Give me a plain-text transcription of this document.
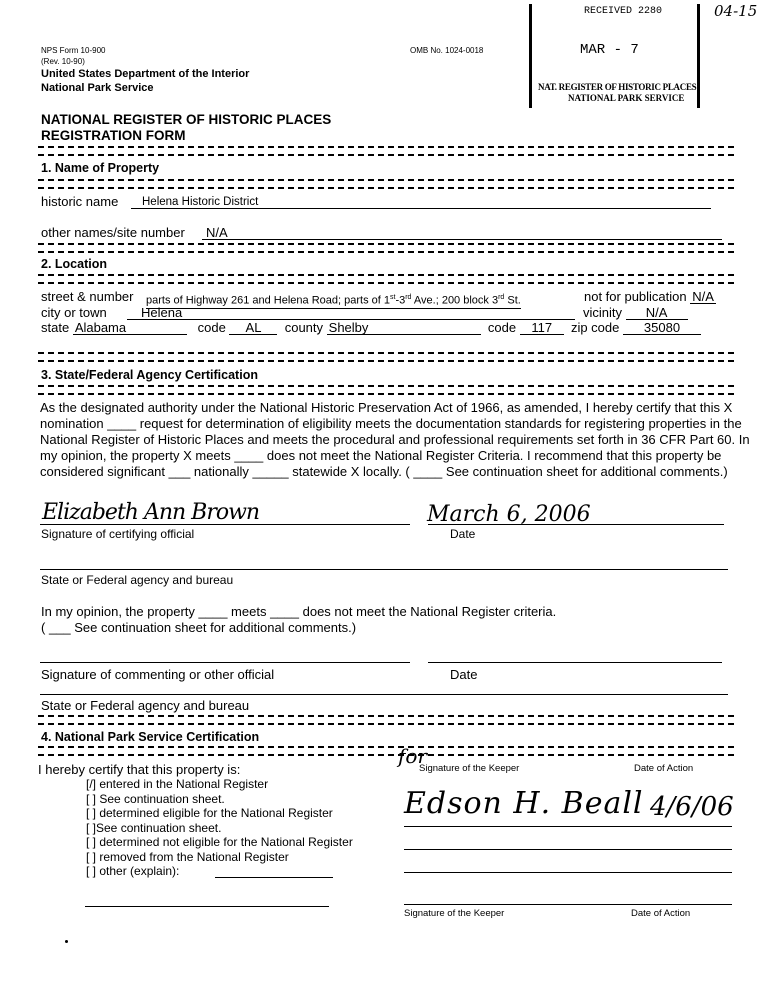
NPS Form 10-900
(Rev. 10-90)
United States Department of the Interior
National Park Service
OMB No. 1024-0018
RECEIVED 2280
MAR - 7
NAT. REGISTER OF HISTORIC PLACES
NATIONAL PARK SERVICE
04-15
NATIONAL REGISTER OF HISTORIC PLACES
REGISTRATION FORM
1. Name of Property
historic name Helena Historic District
other names/site number N/A
2. Location
street & number parts of Highway 261 and Helena Road; parts of 1st-3rd Ave.; 200 block 3rd St.	not for publication N/A
city or town	Helena	vicinity N/A
state Alabama	code AL county Shelby	code 117 zip code 35080
3. State/Federal Agency Certification
As the designated authority under the National Historic Preservation Act of 1966, as amended, I hereby certify that this X nomination ____ request for determination of eligibility meets the documentation standards for registering properties in the National Register of Historic Places and meets the procedural and professional requirements set forth in 36 CFR Part 60. In my opinion, the property X meets ____ does not meet the National Register Criteria. I recommend that this property be considered significant ___ nationally _____ statewide X locally. ( ____ See continuation sheet for additional comments.)
Elizabeth Ann Brown	March 6, 2006
Signature of certifying official	Date
State or Federal agency and bureau
In my opinion, the property ____ meets ____ does not meet the National Register criteria.
( ___ See continuation sheet for additional comments.)
Signature of commenting or other official	Date
State or Federal agency and bureau
4. National Park Service Certification
I hereby certify that this property is:
[/] entered in the National Register
[ ] See continuation sheet.
[ ] determined eligible for the National Register
[ ]See continuation sheet.
[ ] determined not eligible for the National Register
[ ] removed from the National Register
[ ] other (explain):
for
Signature of the Keeper	Date of Action
Edson H. Beall 4/6/06
Signature of the Keeper	Date of Action
